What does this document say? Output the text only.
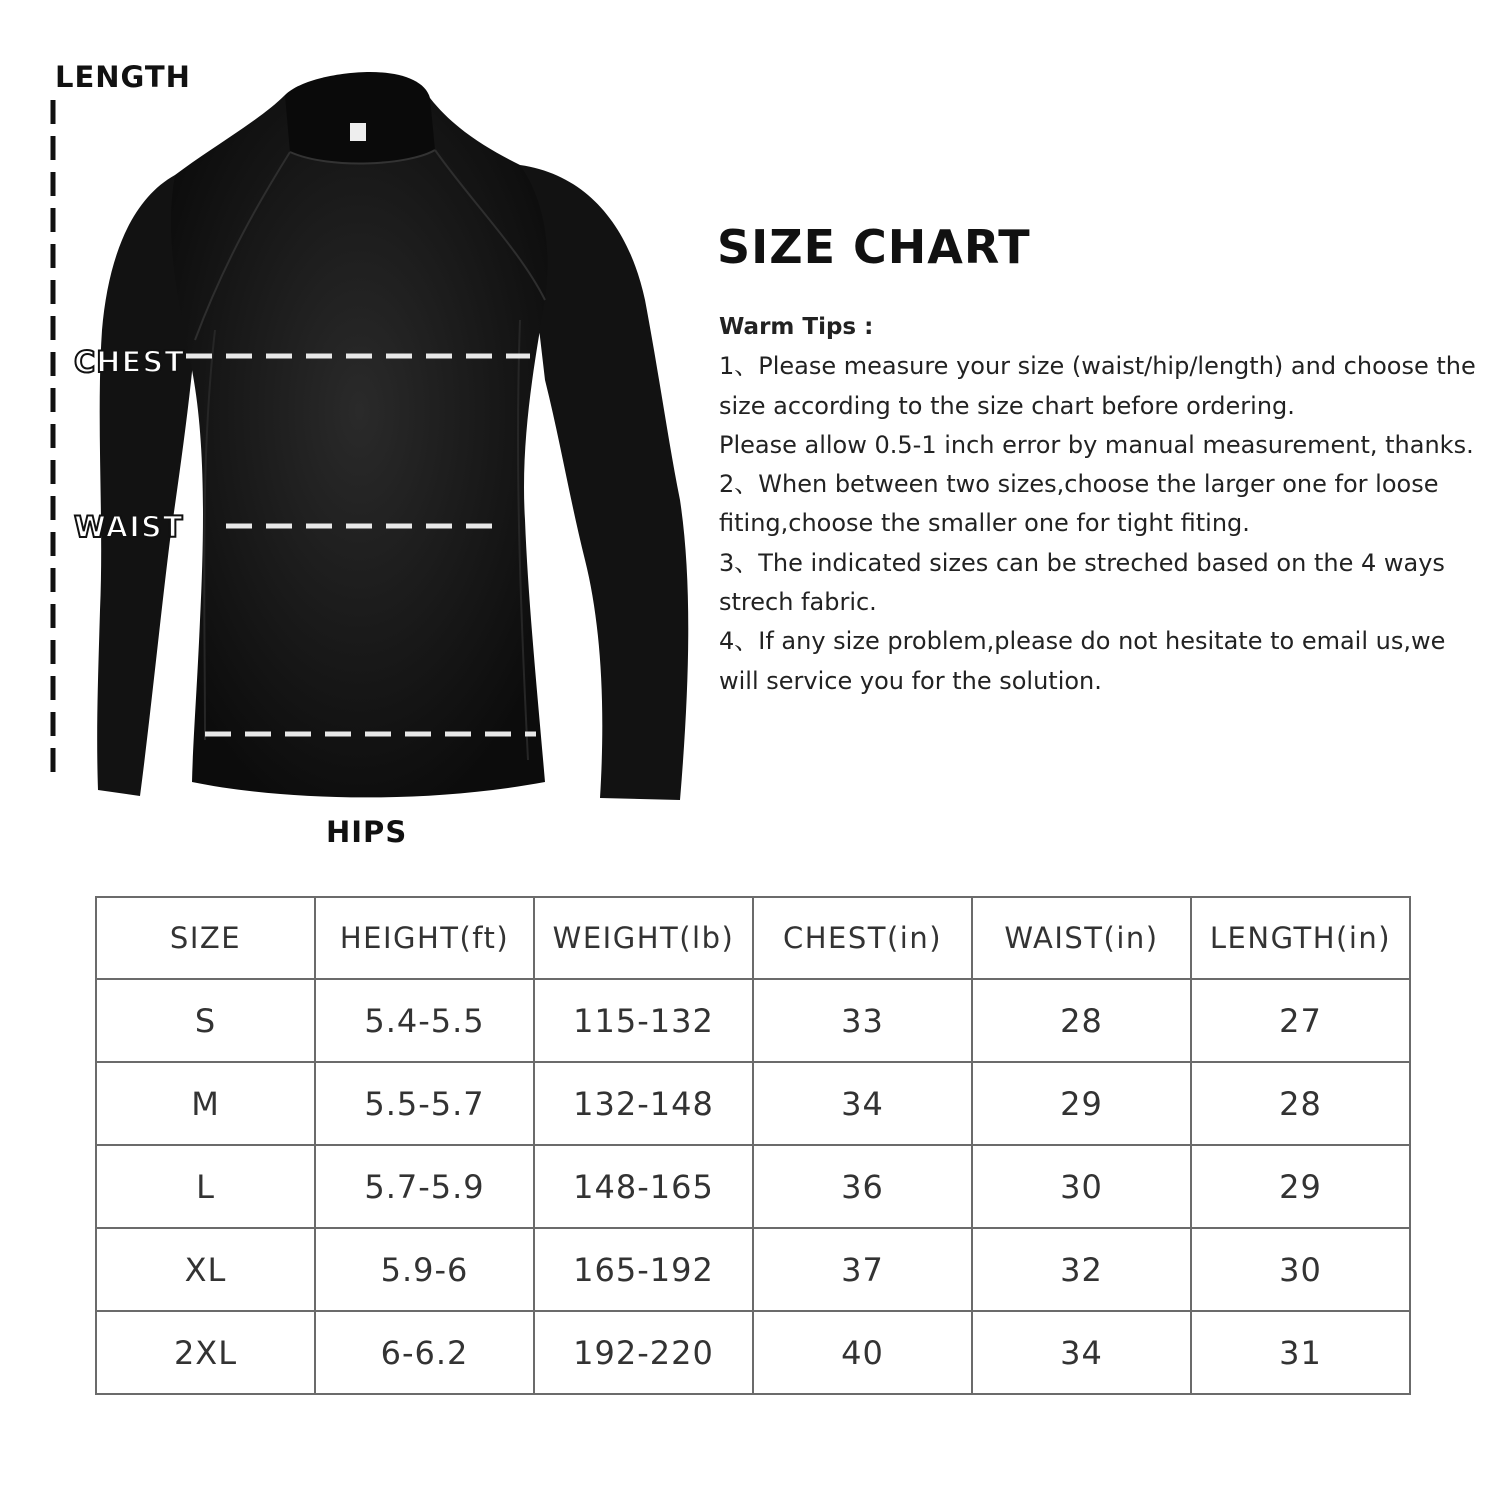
LENGTH
CHEST
WAIST
HIPS
SIZE CHART

Warm Tips :

1、Please measure your size (waist/hip/length) and choose the size according to the size chart before ordering.

Please allow 0.5-1 inch error by manual measurement, thanks.

2、When between two sizes,choose the larger one for loose fiting,choose the smaller one for tight fiting.

3、The indicated sizes can be streched based on the 4 ways strech fabric.

4、If any size problem,please do not hesitate to email us,we will service you for the solution.

SIZE	HEIGHT(ft)	WEIGHT(lb)	CHEST(in)	WAIST(in)	LENGTH(in)
S	5.4-5.5	115-132	33	28	27
M	5.5-5.7	132-148	34	29	28
L	5.7-5.9	148-165	36	30	29
XL	5.9-6	165-192	37	32	30
2XL	6-6.2	192-220	40	34	31
